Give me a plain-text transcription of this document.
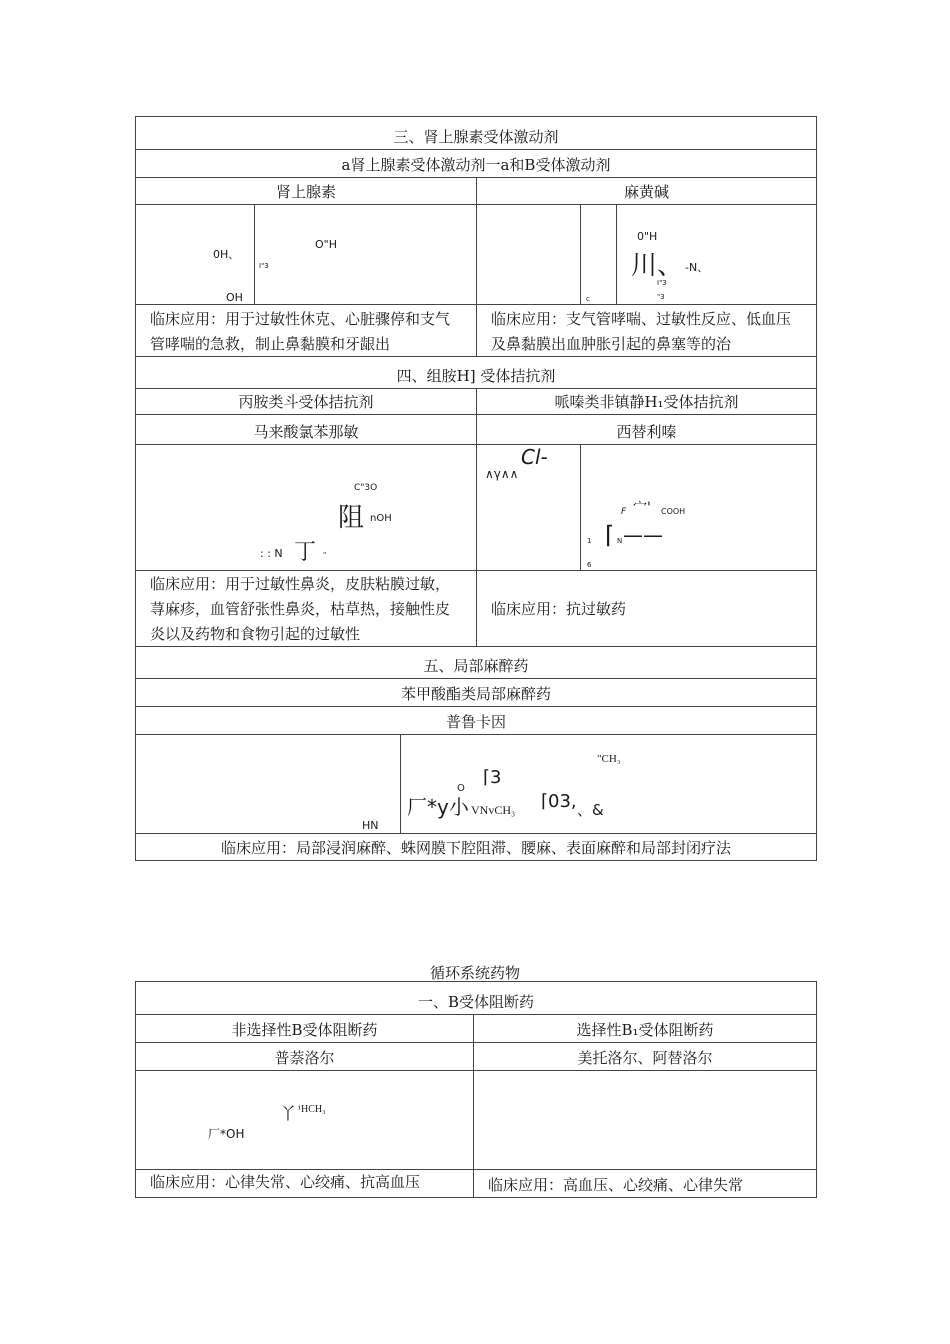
三、肾上腺素受体激动剂
a肾上腺素受体激动剂一a和B受体激动剂
肾上腺素	麻黄碱
0H、
OH
O"H
I"3
c
0"H
川、 -N、
I"3
"3
临床应用：用于过敏性休克、心脏骤停和支气管哮喘的急救，制止鼻黏膜和牙龈出
临床应用：支气管哮喘、过敏性反应、低血压及鼻黏膜出血肿胀引起的鼻塞等的治
四、组胺H] 受体拮抗剂
丙胺类斗受体拮抗剂	哌嗪类非镇静H₁受体拮抗剂
马来酸氯苯那敏	西替利嗪
C"3O
阻 nOH
: : N 丁 "
Cl-
∧γ∧∧
F 宀' COOH
1 ⌈ N ——
6
临床应用：用于过敏性鼻炎，皮肤粘膜过敏，荨麻疹，血管舒张性鼻炎，枯草热，接触性皮炎以及药物和食物引起的过敏性
临床应用：抗过敏药
五、局部麻醉药
苯甲酸酯类局部麻醉药
普鲁卡因
HN
"CH₃
⌈3
O
厂*y小 VNvCH₃ ⌈03, 、&
临床应用：局部浸润麻醉、蛛网膜下腔阻滞、腰麻、表面麻醉和局部封闭疗法
循环系统药物
一、B受体阻断药
非选择性B受体阻断药	选择性B₁受体阻断药
普萘洛尔	美托洛尔、阿替洛尔
丫 ¹HCH₃
厂*OH
临床应用：心律失常、心绞痛、抗高血压	临床应用：高血压、心绞痛、心律失常
